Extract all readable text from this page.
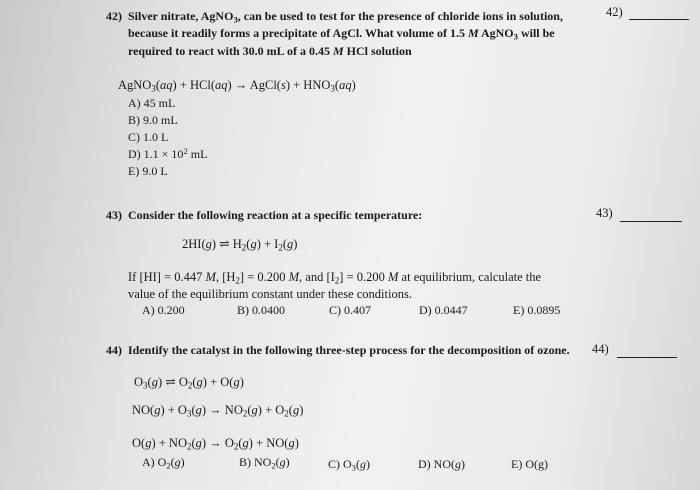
42) Silver nitrate, AgNO$_3$, can be used to test for the presence of chloride ions in solution,
because it readily forms a precipitate of AgCl. What volume of 1.5 M AgNO$_3$ will be
required to react with 30.0 mL of a 0.45 M HCl solution
42)
AgNO$_3$(aq) + HCl(aq) → AgCl(s) + $HNO_3(aq)$
A) 45 mL
B) 9.0 mL
C) 1.0 L
D) $1.1 \times 10^2$ mL
E) 9.0 L
43) Consider the following reaction at a specific temperature:	43)
2HI(g) ⇌ $H_2(g) + I_2(g)$
If [HI] = 0.447 M, $[H_2] = 0.200$ M, and $[I_2] = 0.200$ M at equilibrium, calculate the
value of the equilibrium constant under these conditions.
A) 0.200	B) 0.0400	C) 0.407	D) 0.0447	E) 0.0895
44) Identify the catalyst in the following three-step process for the decomposition of ozone. 44)
$O_3(g)$ ⇌ $O_2(g) + O(g)$
$NO(g) + O_3(g) \to NO_2(g) + O_2(g)$
$O(g) + NO_2(g) \to O_2(g) + NO(g)$
A) $O_2(g)$	B) $NO_2(g)$	C) $O_3(g)$	D) NO(g)	E) O(g)
